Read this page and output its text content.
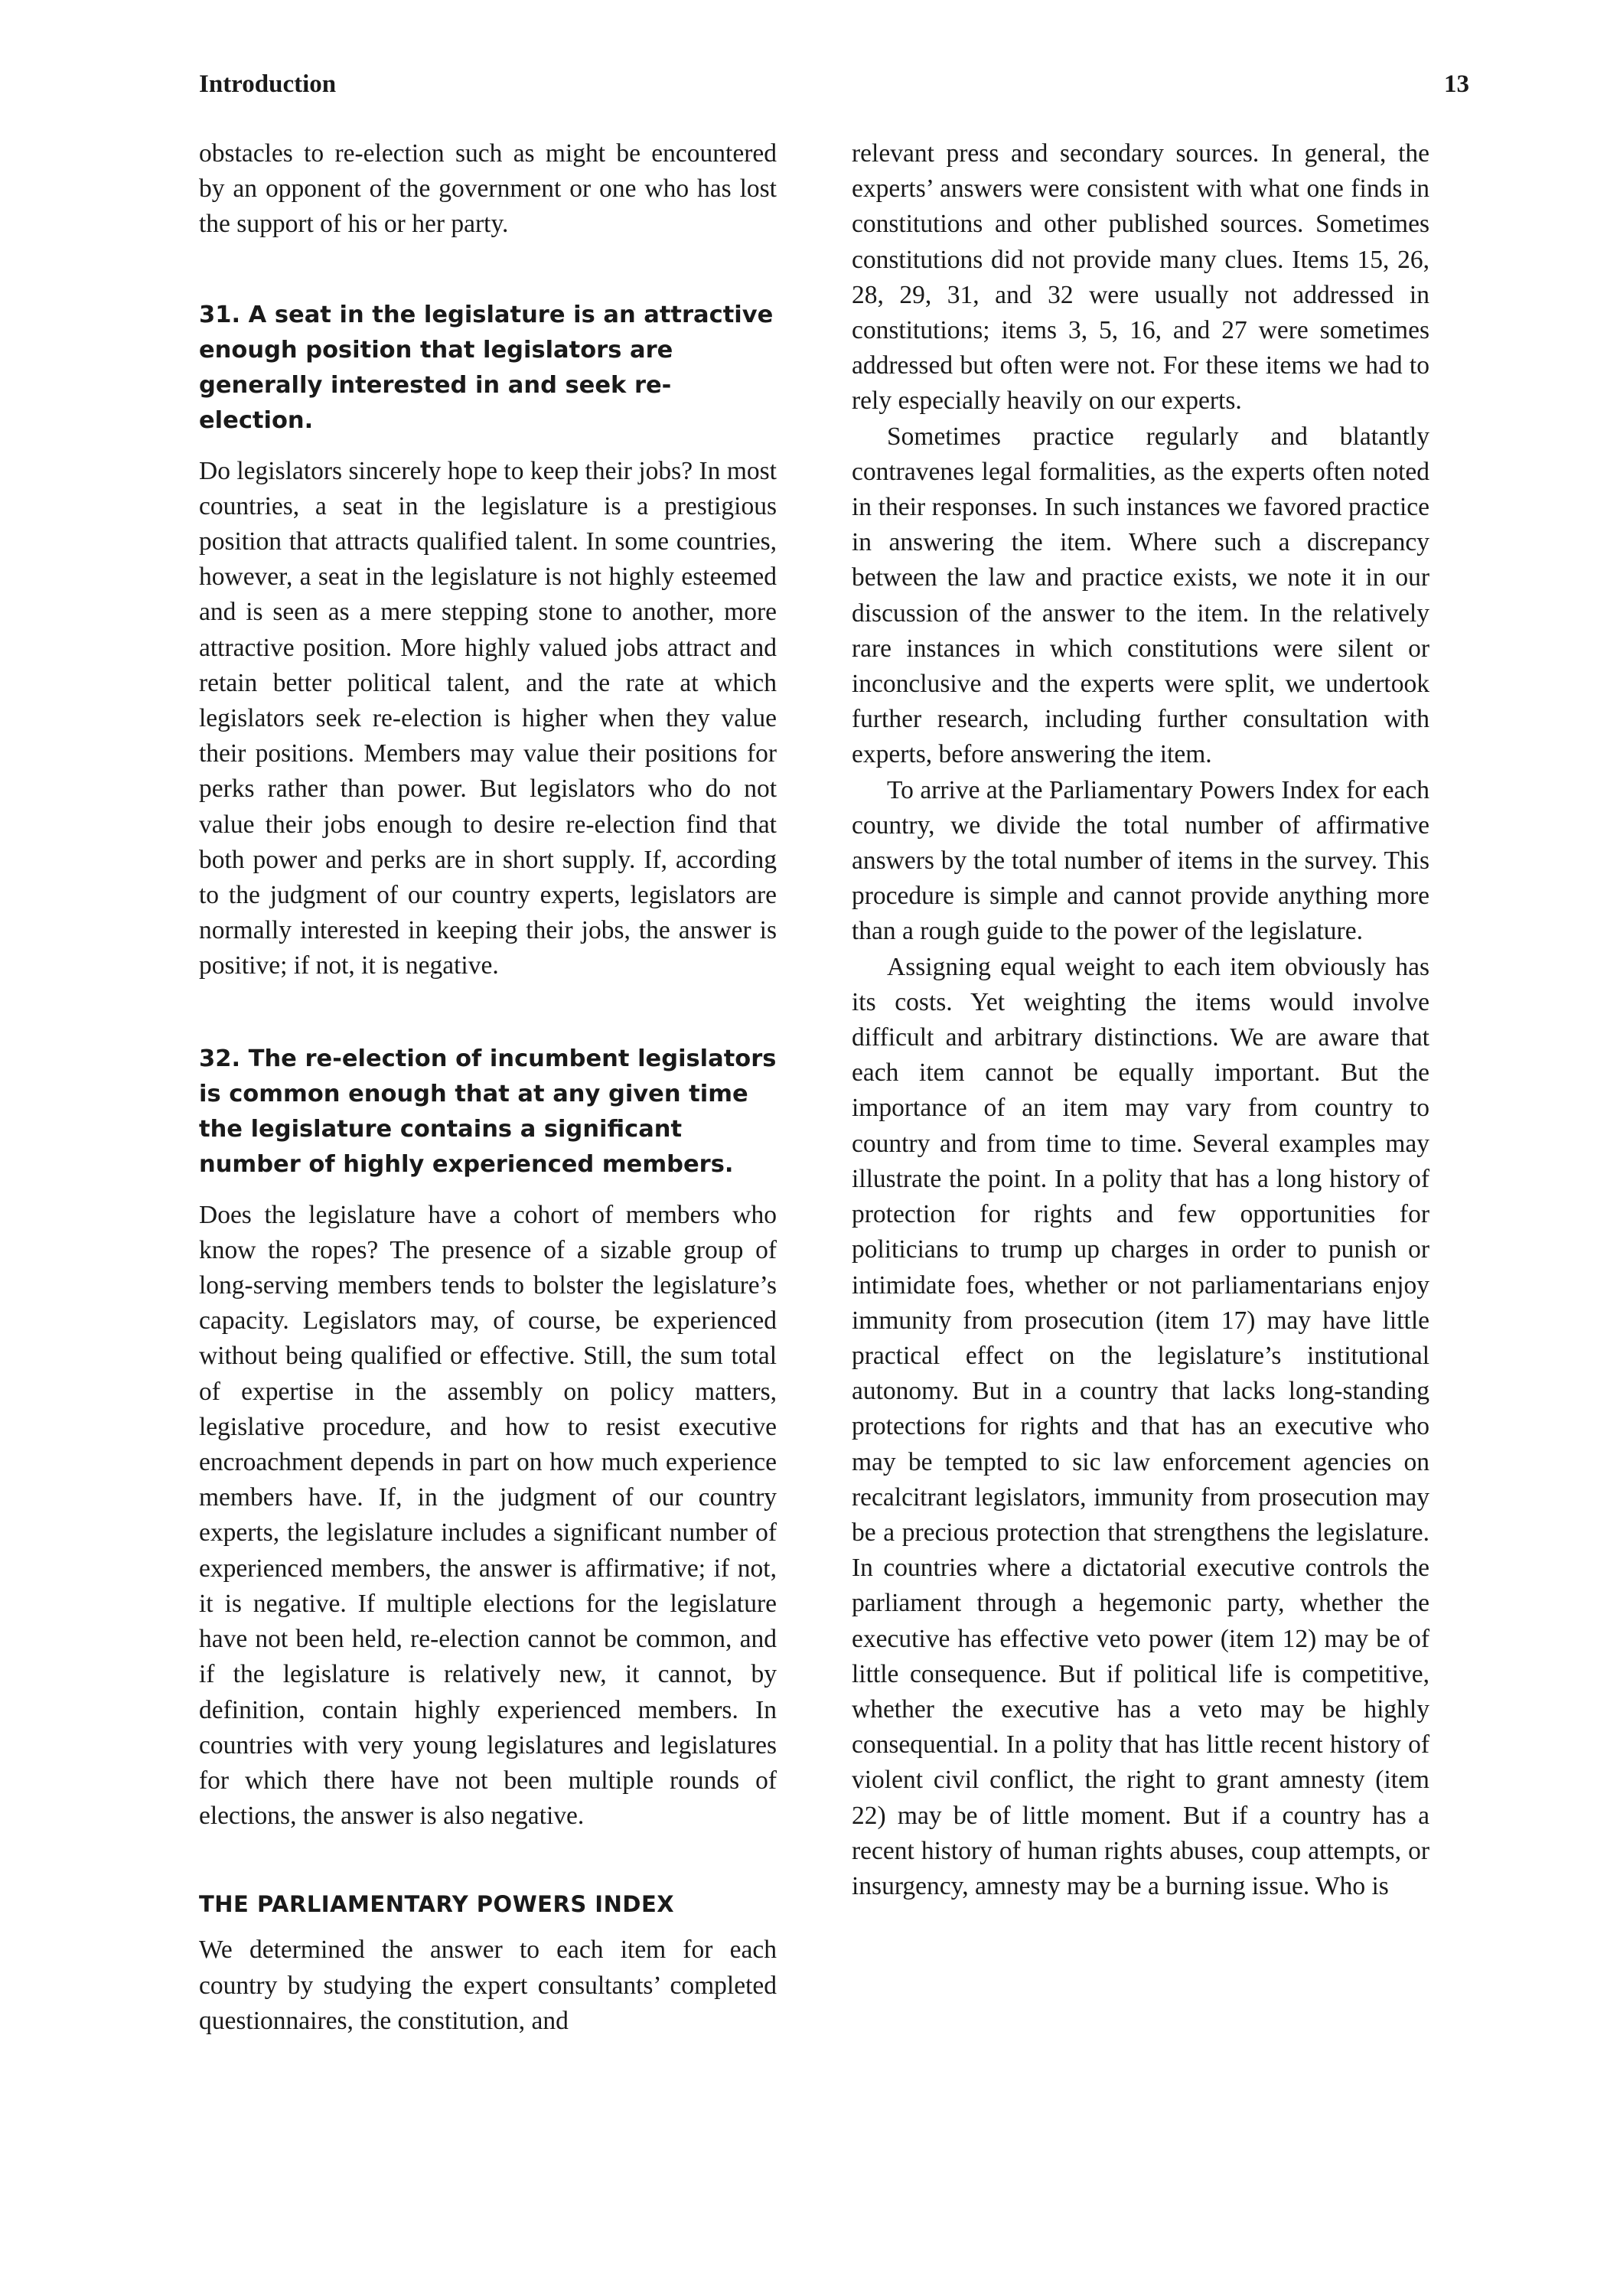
Introduction	13

obstacles to re-election such as might be encountered by an opponent of the government or one who has lost the support of his or her party.

31. A seat in the legislature is an attractive enough position that legislators are generally interested in and seek re-election.

Do legislators sincerely hope to keep their jobs? In most countries, a seat in the legislature is a prestigious position that attracts qualified talent. In some countries, however, a seat in the legislature is not highly esteemed and is seen as a mere stepping stone to another, more attractive position. More highly valued jobs attract and retain better political talent, and the rate at which legislators seek re-election is higher when they value their positions. Members may value their positions for perks rather than power. But legislators who do not value their jobs enough to desire re-election find that both power and perks are in short supply. If, according to the judgment of our country experts, legislators are normally interested in keeping their jobs, the answer is positive; if not, it is negative.

32. The re-election of incumbent legislators is common enough that at any given time the legislature contains a significant number of highly experienced members.

Does the legislature have a cohort of members who know the ropes? The presence of a sizable group of long-serving members tends to bolster the legislature’s capacity. Legislators may, of course, be experienced without being qualified or effective. Still, the sum total of expertise in the assembly on policy matters, legislative procedure, and how to resist executive encroachment depends in part on how much experience members have. If, in the judgment of our country experts, the legislature includes a significant number of experienced members, the answer is affirmative; if not, it is negative. If multiple elections for the legislature have not been held, re-election cannot be common, and if the legislature is relatively new, it cannot, by definition, contain highly experienced members. In countries with very young legislatures and legislatures for which there have not been multiple rounds of elections, the answer is also negative.

THE PARLIAMENTARY POWERS INDEX

We determined the answer to each item for each country by studying the expert consultants’ completed questionnaires, the constitution, and

relevant press and secondary sources. In general, the experts’ answers were consistent with what one finds in constitutions and other published sources. Sometimes constitutions did not provide many clues. Items 15, 26, 28, 29, 31, and 32 were usually not addressed in constitutions; items 3, 5, 16, and 27 were sometimes addressed but often were not. For these items we had to rely especially heavily on our experts.

Sometimes practice regularly and blatantly contravenes legal formalities, as the experts often noted in their responses. In such instances we favored practice in answering the item. Where such a discrepancy between the law and practice exists, we note it in our discussion of the answer to the item. In the relatively rare instances in which constitutions were silent or inconclusive and the experts were split, we undertook further research, including further consultation with experts, before answering the item.

To arrive at the Parliamentary Powers Index for each country, we divide the total number of affirmative answers by the total number of items in the survey. This procedure is simple and cannot provide anything more than a rough guide to the power of the legislature.

Assigning equal weight to each item obviously has its costs. Yet weighting the items would involve difficult and arbitrary distinctions. We are aware that each item cannot be equally important. But the importance of an item may vary from country to country and from time to time. Several examples may illustrate the point. In a polity that has a long history of protection for rights and few opportunities for politicians to trump up charges in order to punish or intimidate foes, whether or not parliamentarians enjoy immunity from prosecution (item 17) may have little practical effect on the legislature’s institutional autonomy. But in a country that lacks long-standing protections for rights and that has an executive who may be tempted to sic law enforcement agencies on recalcitrant legislators, immunity from prosecution may be a precious protection that strengthens the legislature. In countries where a dictatorial executive controls the parliament through a hegemonic party, whether the executive has effective veto power (item 12) may be of little consequence. But if political life is competitive, whether the executive has a veto may be highly consequential. In a polity that has little recent history of violent civil conflict, the right to grant amnesty (item 22) may be of little moment. But if a country has a recent history of human rights abuses, coup attempts, or insurgency, amnesty may be a burning issue. Who is
